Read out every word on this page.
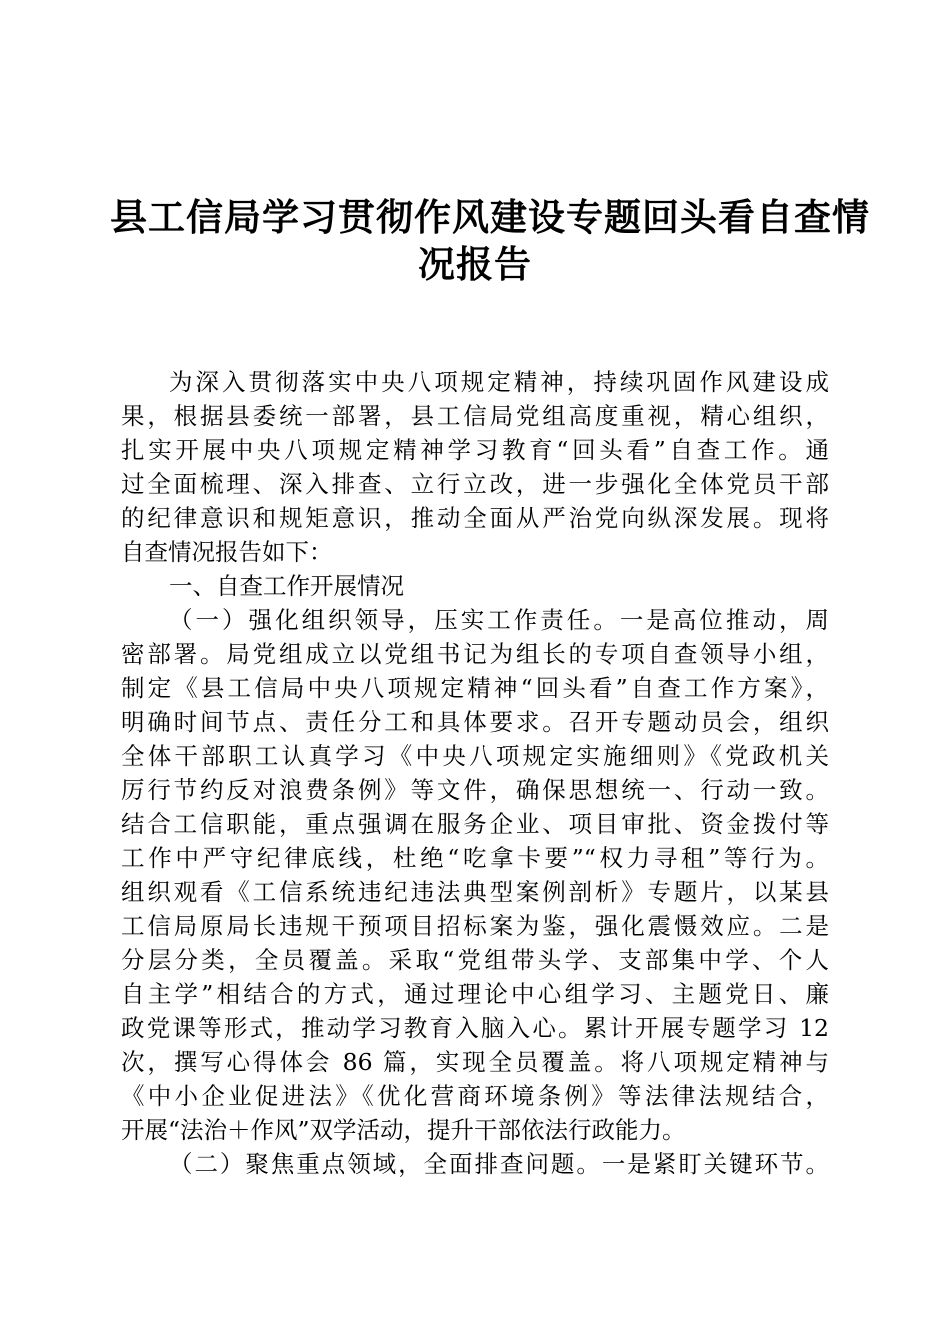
县工信局学习贯彻作风建设专题回头看自查情
况报告
为深入贯彻落实中央八项规定精神，持续巩固作风建设成
果，根据县委统一部署，县工信局党组高度重视，精心组织，
扎实开展中央八项规定精神学习教育“回头看”自查工作。通
过全面梳理、深入排查、立行立改，进一步强化全体党员干部
的纪律意识和规矩意识，推动全面从严治党向纵深发展。现将
自查情况报告如下：
一、自查工作开展情况
（一）强化组织领导，压实工作责任。一是高位推动，周
密部署。局党组成立以党组书记为组长的专项自查领导小组，
制定《县工信局中央八项规定精神“回头看”自查工作方案》，
明确时间节点、责任分工和具体要求。召开专题动员会，组织
全体干部职工认真学习《中央八项规定实施细则》《党政机关
厉行节约反对浪费条例》等文件，确保思想统一、行动一致。
结合工信职能，重点强调在服务企业、项目审批、资金拨付等
工作中严守纪律底线，杜绝“吃拿卡要”“权力寻租”等行为。
组织观看《工信系统违纪违法典型案例剖析》专题片，以某县
工信局原局长违规干预项目招标案为鉴，强化震慑效应。二是
分层分类，全员覆盖。采取“党组带头学、支部集中学、个人
自主学”相结合的方式，通过理论中心组学习、主题党日、廉
政党课等形式，推动学习教育入脑入心。累计开展专题学习 12
次，撰写心得体会 86 篇，实现全员覆盖。将八项规定精神与
《中小企业促进法》《优化营商环境条例》等法律法规结合，
开展“法治＋作风”双学活动，提升干部依法行政能力。
（二）聚焦重点领域，全面排查问题。一是紧盯关键环节。
